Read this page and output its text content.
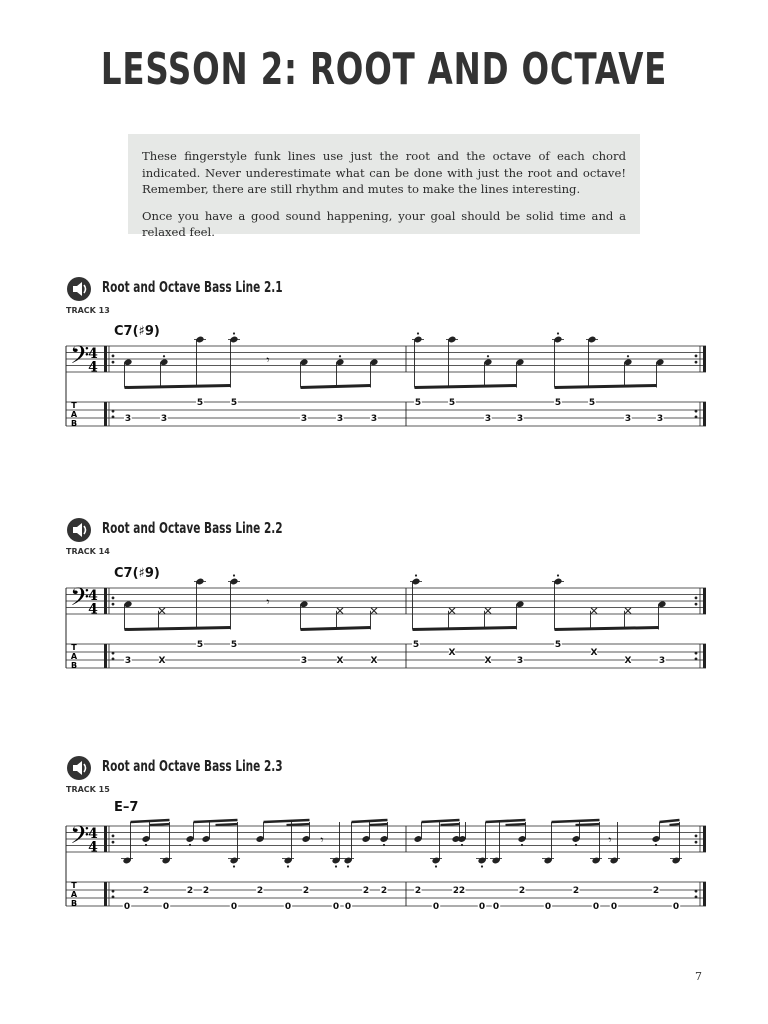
LESSON 2: ROOT AND OCTAVE

These fingerstyle funk lines use just the root and the octave of each chord indicated. Never underestimate what can be done with just the root and octave! Remember, there are still rhythm and mutes to make the lines interesting.

Once you have a good sound happening, your goal should be solid time and a relaxed feel.

Root and Octave Bass Line 2.1
TRACK 13
C7(♯9)
𝄢
4
4
T
A
B
𝄾
3	3
5	5
3	3	3
5	5
3	3
5	5
3	3
Root and Octave Bass Line 2.2
TRACK 14
C7(♯9)
𝄢
4
4
T
A
B
𝄾
3	X
5	5
3	X	X
5
X
X	3
5
X
X	3
Root and Octave Bass Line 2.3
TRACK 15
E–7
𝄢
4
4
T
A
B
𝄾	𝄾
0
2
0
2 2
0
2
0
2
0
2 2	2
0
2
0 0
2
0
2
0
2
0
0	0
2
7
